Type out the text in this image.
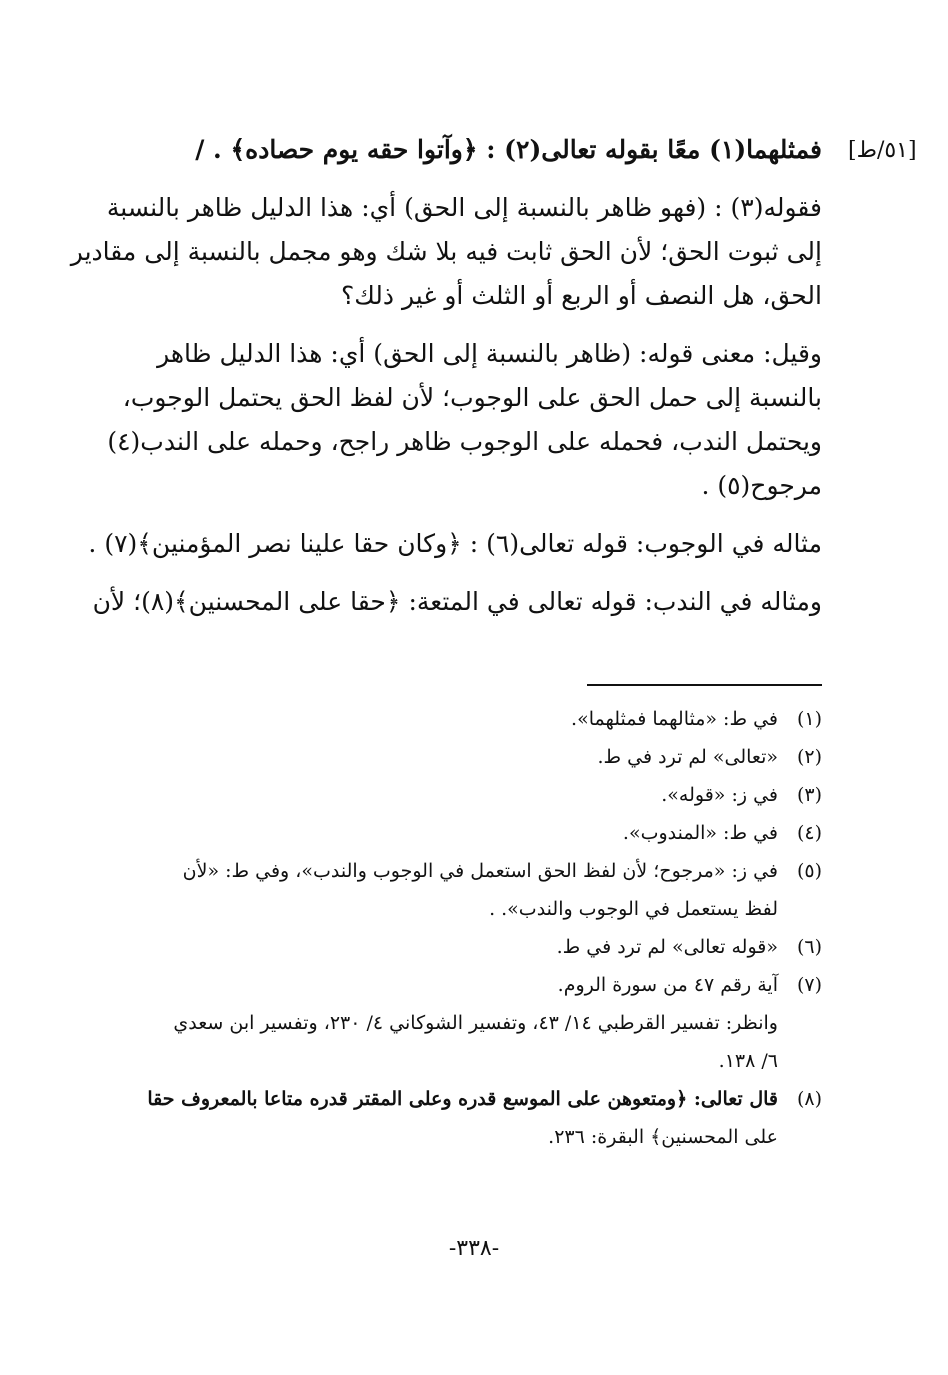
[٥١/ط]
فمثلهما(١) معًا بقوله تعالى(٢) : ﴿وآتوا حقه يوم حصاده﴾ . /
فقوله(٣) : (فهو ظاهر بالنسبة إلى الحق) أي: هذا الدليل ظاهر بالنسبة
إلى ثبوت الحق؛ لأن الحق ثابت فيه بلا شك وهو مجمل بالنسبة إلى مقادير
الحق، هل النصف أو الربع أو الثلث أو غير ذلك؟
وقيل: معنى قوله: (ظاهر بالنسبة إلى الحق) أي: هذا الدليل ظاهر
بالنسبة إلى حمل الحق على الوجوب؛ لأن لفظ الحق يحتمل الوجوب،
ويحتمل الندب، فحمله على الوجوب ظاهر راجح، وحمله على الندب(٤)
مرجوح(٥) .
مثاله في الوجوب: قوله تعالى(٦) : ﴿وكان حقا علينا نصر المؤمنين﴾(٧) .
ومثاله في الندب: قوله تعالى في المتعة: ﴿حقا على المحسنين﴾(٨)؛ لأن
(١)
في ط: «مثالهما فمثلهما».
(٢)
«تعالى» لم ترد في ط.
(٣)
في ز: «قوله».
(٤)
في ط: «المندوب».
(٥)
في ز: «مرجوح؛ لأن لفظ الحق استعمل في الوجوب والندب»، وفي ط: «لأن
لفظ يستعمل في الوجوب والندب». .
(٦)
«قوله تعالى» لم ترد في ط.
(٧)
آية رقم ٤٧ من سورة الروم.
وانظر: تفسير القرطبي ١٤/ ٤٣، وتفسير الشوكاني ٤/ ٢٣٠، وتفسير ابن سعدي
٦/ ١٣٨.
(٨)
قال تعالى: ﴿ومتعوهن على الموسع قدره وعلى المقتر قدره متاعا بالمعروف حقا
على المحسنين﴾ البقرة: ٢٣٦.
-٣٣٨-
